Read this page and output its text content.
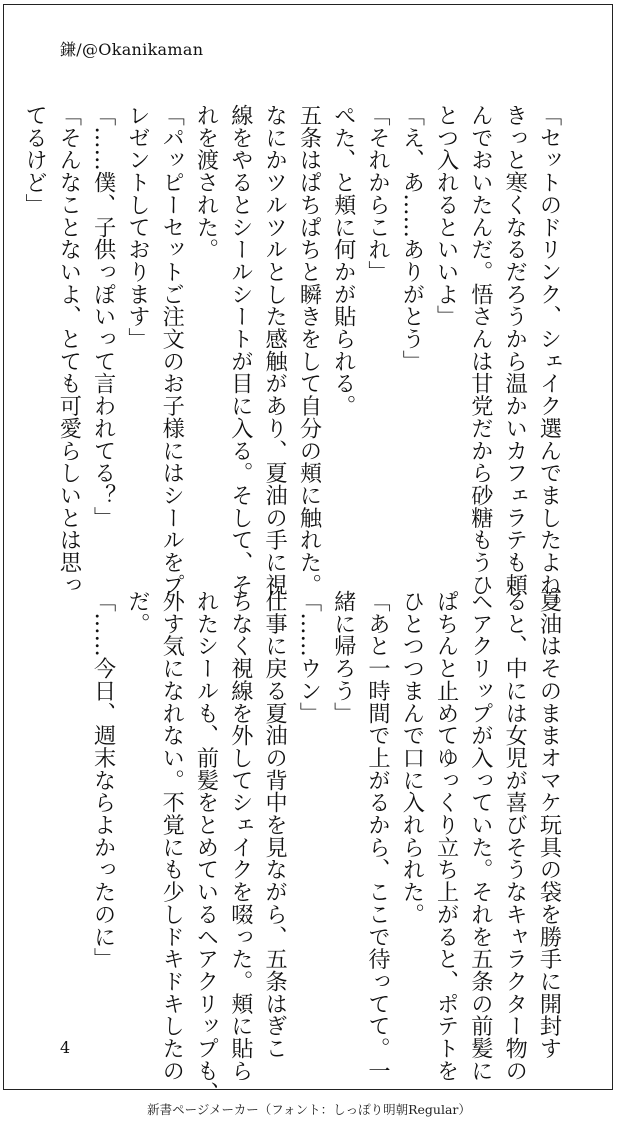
鎌/@Okanikaman
「セットのドリンク、シェイク選んでましたよね。
きっと寒くなるだろうから温かいカフェラテも頼
んでおいたんだ。悟さんは甘党だから砂糖もうひ
とつ入れるといいよ」
「え、あ……ありがとう」
「それからこれ」
ぺた、と頬に何かが貼られる。
五条はぱちぱちと瞬きをして自分の頬に触れた。
なにかツルツルとした感触があり、夏油の手に視
線をやるとシールシートが目に入る。そして、そ
れを渡された。
「パッピーセットご注文のお子様にはシールをプ
レゼントしております」
「……僕、子供っぽいって言われてる？」
「そんなことないよ、とても可愛らしいとは思っ
てるけど」
夏油はそのままオマケ玩具の袋を勝手に開封す
ると、中には女児が喜びそうなキャラクター物の
ヘアクリップが入っていた。それを五条の前髪に
ぱちんと止めてゆっくり立ち上がると、ポテトを
ひとつつまんで口に入れられた。
「あと一時間で上がるから、ここで待ってて。一
緒に帰ろう」
「……ウン」
仕事に戻る夏油の背中を見ながら、五条はぎこ
ちなく視線を外してシェイクを啜った。頬に貼ら
れたシールも、前髪をとめているヘアクリップも、
外す気になれない。不覚にも少しドキドキしたの
だ。
「……今日、週末ならよかったのに」
4
新書ページメーカー（フォント：しっぽり明朝Regular）
